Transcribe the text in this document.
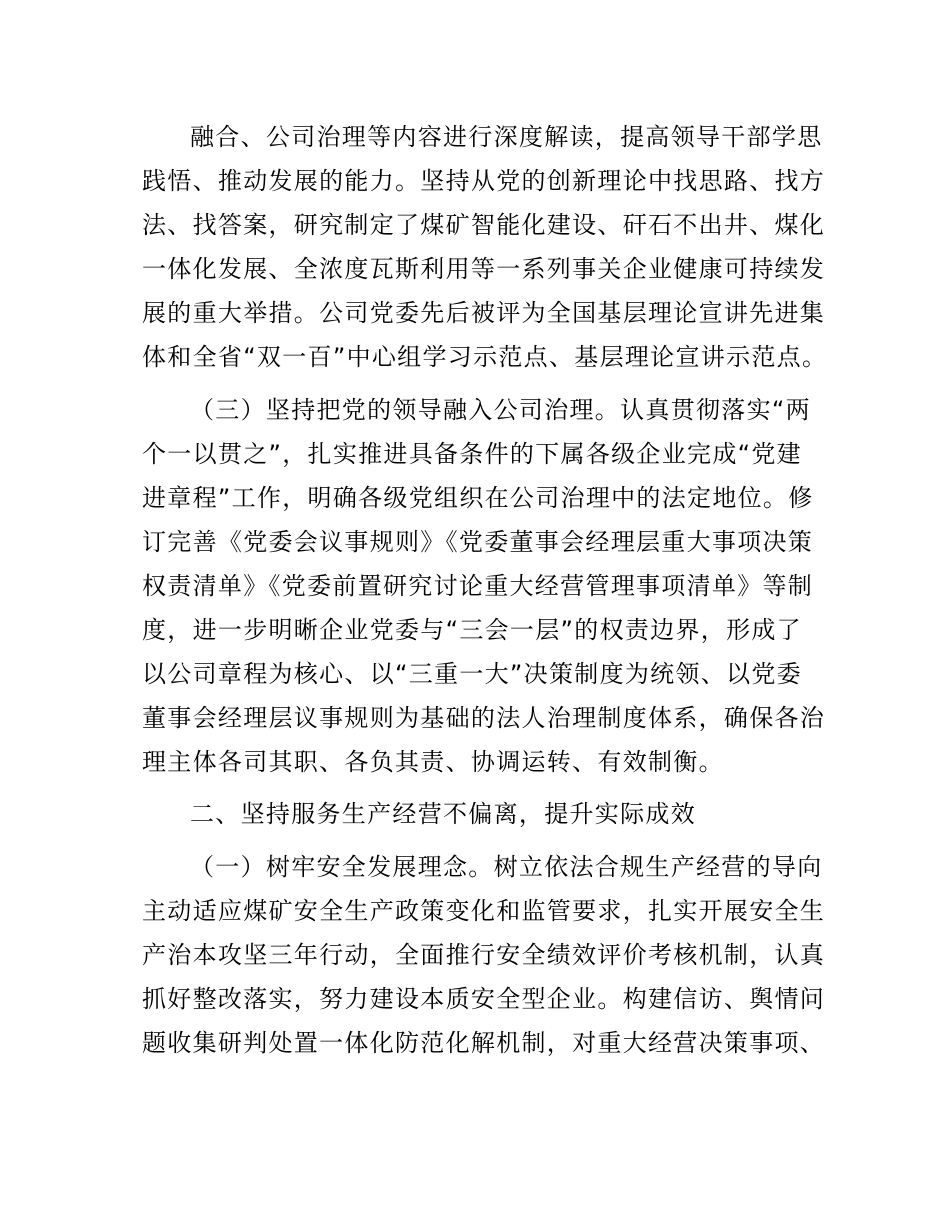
融合、公司治理等内容进行深度解读，提高领导干部学思
践悟、推动发展的能力。坚持从党的创新理论中找思路、找方
法、找答案，研究制定了煤矿智能化建设、矸石不出井、煤化
一体化发展、全浓度瓦斯利用等一系列事关企业健康可持续发
展的重大举措。公司党委先后被评为全国基层理论宣讲先进集
体和全省“双一百”中心组学习示范点、基层理论宣讲示范点。
（三）坚持把党的领导融入公司治理。认真贯彻落实“两
个一以贯之”，扎实推进具备条件的下属各级企业完成“党建
进章程”工作，明确各级党组织在公司治理中的法定地位。修
订完善《党委会议事规则》《党委董事会经理层重大事项决策
权责清单》《党委前置研究讨论重大经营管理事项清单》等制
度，进一步明晰企业党委与“三会一层”的权责边界，形成了
以公司章程为核心、以“三重一大”决策制度为统领、以党委
董事会经理层议事规则为基础的法人治理制度体系，确保各治
理主体各司其职、各负其责、协调运转、有效制衡。
二、坚持服务生产经营不偏离，提升实际成效
（一）树牢安全发展理念。树立依法合规生产经营的导向
主动适应煤矿安全生产政策变化和监管要求，扎实开展安全生
产治本攻坚三年行动，全面推行安全绩效评价考核机制，认真
抓好整改落实，努力建设本质安全型企业。构建信访、舆情问
题收集研判处置一体化防范化解机制，对重大经营决策事项、
